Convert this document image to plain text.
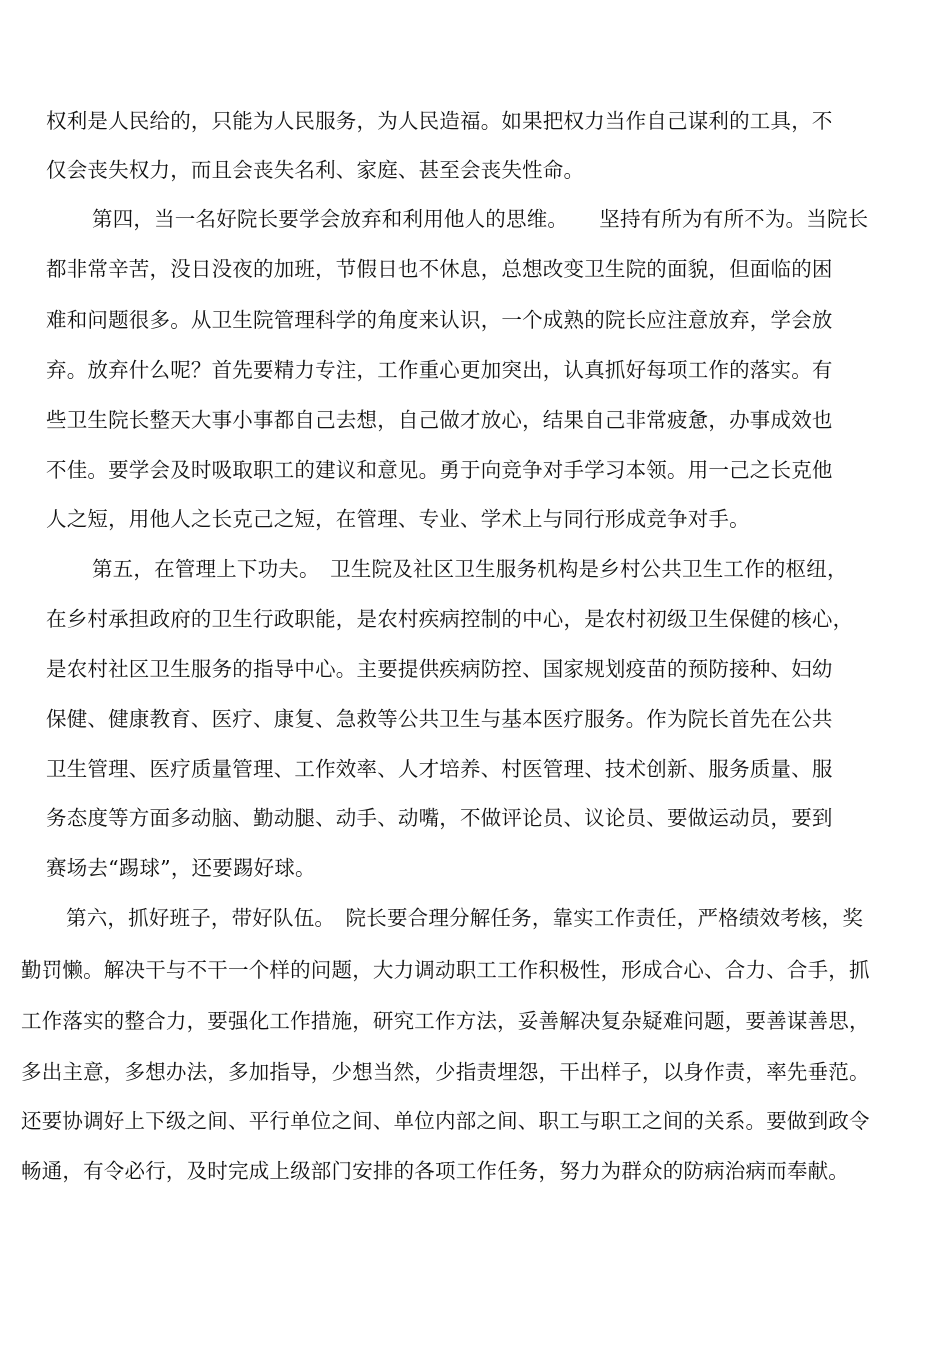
权利是人民给的，只能为人民服务，为人民造福。如果把权力当作自己谋利的工具，不
仅会丧失权力，而且会丧失名利、家庭、甚至会丧失性命。
第四，当一名好院长要学会放弃和利用他人的思维。　　坚持有所为有所不为。当院长
都非常辛苦，没日没夜的加班，节假日也不休息，总想改变卫生院的面貌，但面临的困
难和问题很多。从卫生院管理科学的角度来认识，一个成熟的院长应注意放弃，学会放
弃。放弃什么呢？首先要精力专注，工作重心更加突出，认真抓好每项工作的落实。有
些卫生院长整天大事小事都自己去想，自己做才放心，结果自己非常疲惫，办事成效也
不佳。要学会及时吸取职工的建议和意见。勇于向竞争对手学习本领。用一己之长克他
人之短，用他人之长克己之短，在管理、专业、学术上与同行形成竞争对手。
第五，在管理上下功夫。　卫生院及社区卫生服务机构是乡村公共卫生工作的枢纽，
在乡村承担政府的卫生行政职能，是农村疾病控制的中心，是农村初级卫生保健的核心，
是农村社区卫生服务的指导中心。主要提供疾病防控、国家规划疫苗的预防接种、妇幼
保健、健康教育、医疗、康复、急救等公共卫生与基本医疗服务。作为院长首先在公共
卫生管理、医疗质量管理、工作效率、人才培养、村医管理、技术创新、服务质量、服
务态度等方面多动脑、勤动腿、动手、动嘴，不做评论员、议论员、要做运动员，要到
赛场去“踢球”，还要踢好球。
第六，抓好班子，带好队伍。　院长要合理分解任务，靠实工作责任，严格绩效考核，奖
勤罚懒。解决干与不干一个样的问题，大力调动职工工作积极性，形成合心、合力、合手，抓
工作落实的整合力，要强化工作措施，研究工作方法，妥善解决复杂疑难问题，要善谋善思，
多出主意，多想办法，多加指导，少想当然，少指责埋怨，干出样子，以身作责，率先垂范。
还要协调好上下级之间、平行单位之间、单位内部之间、职工与职工之间的关系。要做到政令
畅通，有令必行，及时完成上级部门安排的各项工作任务，努力为群众的防病治病而奉献。
